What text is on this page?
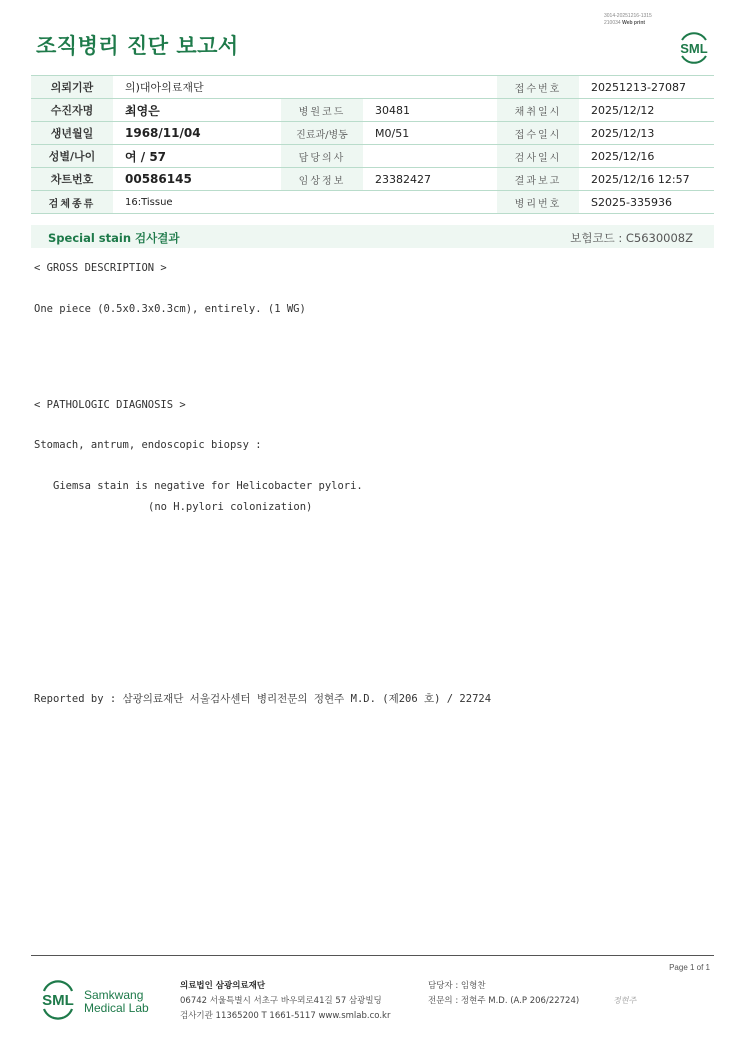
조직병리 진단 보고서
3014-20251216-1315
210034 Web print
SML
의뢰기관	의)대아의료재단			접수번호	20251213-27087
수진자명	최영은	병원코드	30481	채취일시	2025/12/12
생년월일	1968/11/04	진료과/병동	M0/51	접수일시	2025/12/13
성별/나이	여 / 57	담당의사		검사일시	2025/12/16
차트번호	00586145	임상정보	23382427	결과보고	2025/12/16 12:57
검체종류	16:Tissue			병리번호	S2025-335936
Special stain 검사결과	보험코드 : C5630008Z
< GROSS DESCRIPTION >
One piece (0.5x0.3x0.3cm), entirely. (1 WG)
< PATHOLOGIC DIAGNOSIS >
Stomach, antrum, endoscopic biopsy :
Giemsa stain is negative for Helicobacter pylori.
(no H.pylori colonization)
Reported by : 삼광의료재단 서울검사센터 병리전문의 정현주 M.D. (제206 호) / 22724
Page 1 of 1
SML Samkwang
Medical Lab
의료법인 삼광의료재단
06742 서울특별시 서초구 바우뫼로41길 57 삼광빌딩
검사기관 11365200 T 1661-5117 www.smlab.co.kr
담당자 : 임형찬
전문의 : 정현주 M.D. (A.P 206/22724)	정현주
